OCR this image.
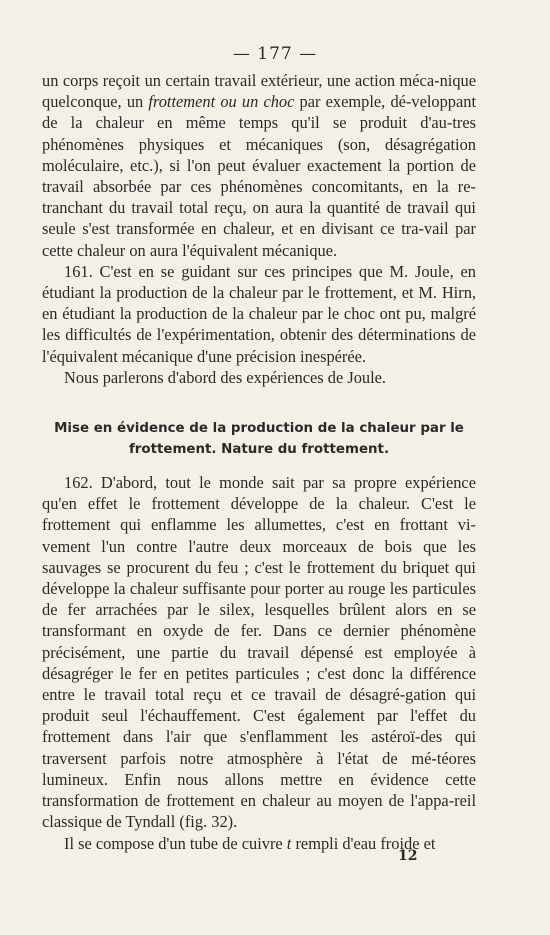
— 177 —

un corps reçoit un certain travail extérieur, une action méca-nique quelconque, un frottement ou un choc par exemple, dé-veloppant de la chaleur en même temps qu'il se produit d'au-tres phénomènes physiques et mécaniques (son, désagrégation moléculaire, etc.), si l'on peut évaluer exactement la portion de travail absorbée par ces phénomènes concomitants, en la re-tranchant du travail total reçu, on aura la quantité de travail qui seule s'est transformée en chaleur, et en divisant ce tra-vail par cette chaleur on aura l'équivalent mécanique.

161. C'est en se guidant sur ces principes que M. Joule, en étudiant la production de la chaleur par le frottement, et M. Hirn, en étudiant la production de la chaleur par le choc ont pu, malgré les difficultés de l'expérimentation, obtenir des déterminations de l'équivalent mécanique d'une précision inespérée.

Nous parlerons d'abord des expériences de Joule.

Mise en évidence de la production de la chaleur par le frottement. Nature du frottement.

162. D'abord, tout le monde sait par sa propre expérience qu'en effet le frottement développe de la chaleur. C'est le frottement qui enflamme les allumettes, c'est en frottant vi-vement l'un contre l'autre deux morceaux de bois que les sauvages se procurent du feu ; c'est le frottement du briquet qui développe la chaleur suffisante pour porter au rouge les particules de fer arrachées par le silex, lesquelles brûlent alors en se transformant en oxyde de fer. Dans ce dernier phénomène précisément, une partie du travail dépensé est employée à désagréger le fer en petites particules ; c'est donc la différence entre le travail total reçu et ce travail de désagré-gation qui produit seul l'échauffement. C'est également par l'effet du frottement dans l'air que s'enflamment les astéroï-des qui traversent parfois notre atmosphère à l'état de mé-téores lumineux. Enfin nous allons mettre en évidence cette transformation de frottement en chaleur au moyen de l'appa-reil classique de Tyndall (fig. 32).

Il se compose d'un tube de cuivre t rempli d'eau froide et

12
